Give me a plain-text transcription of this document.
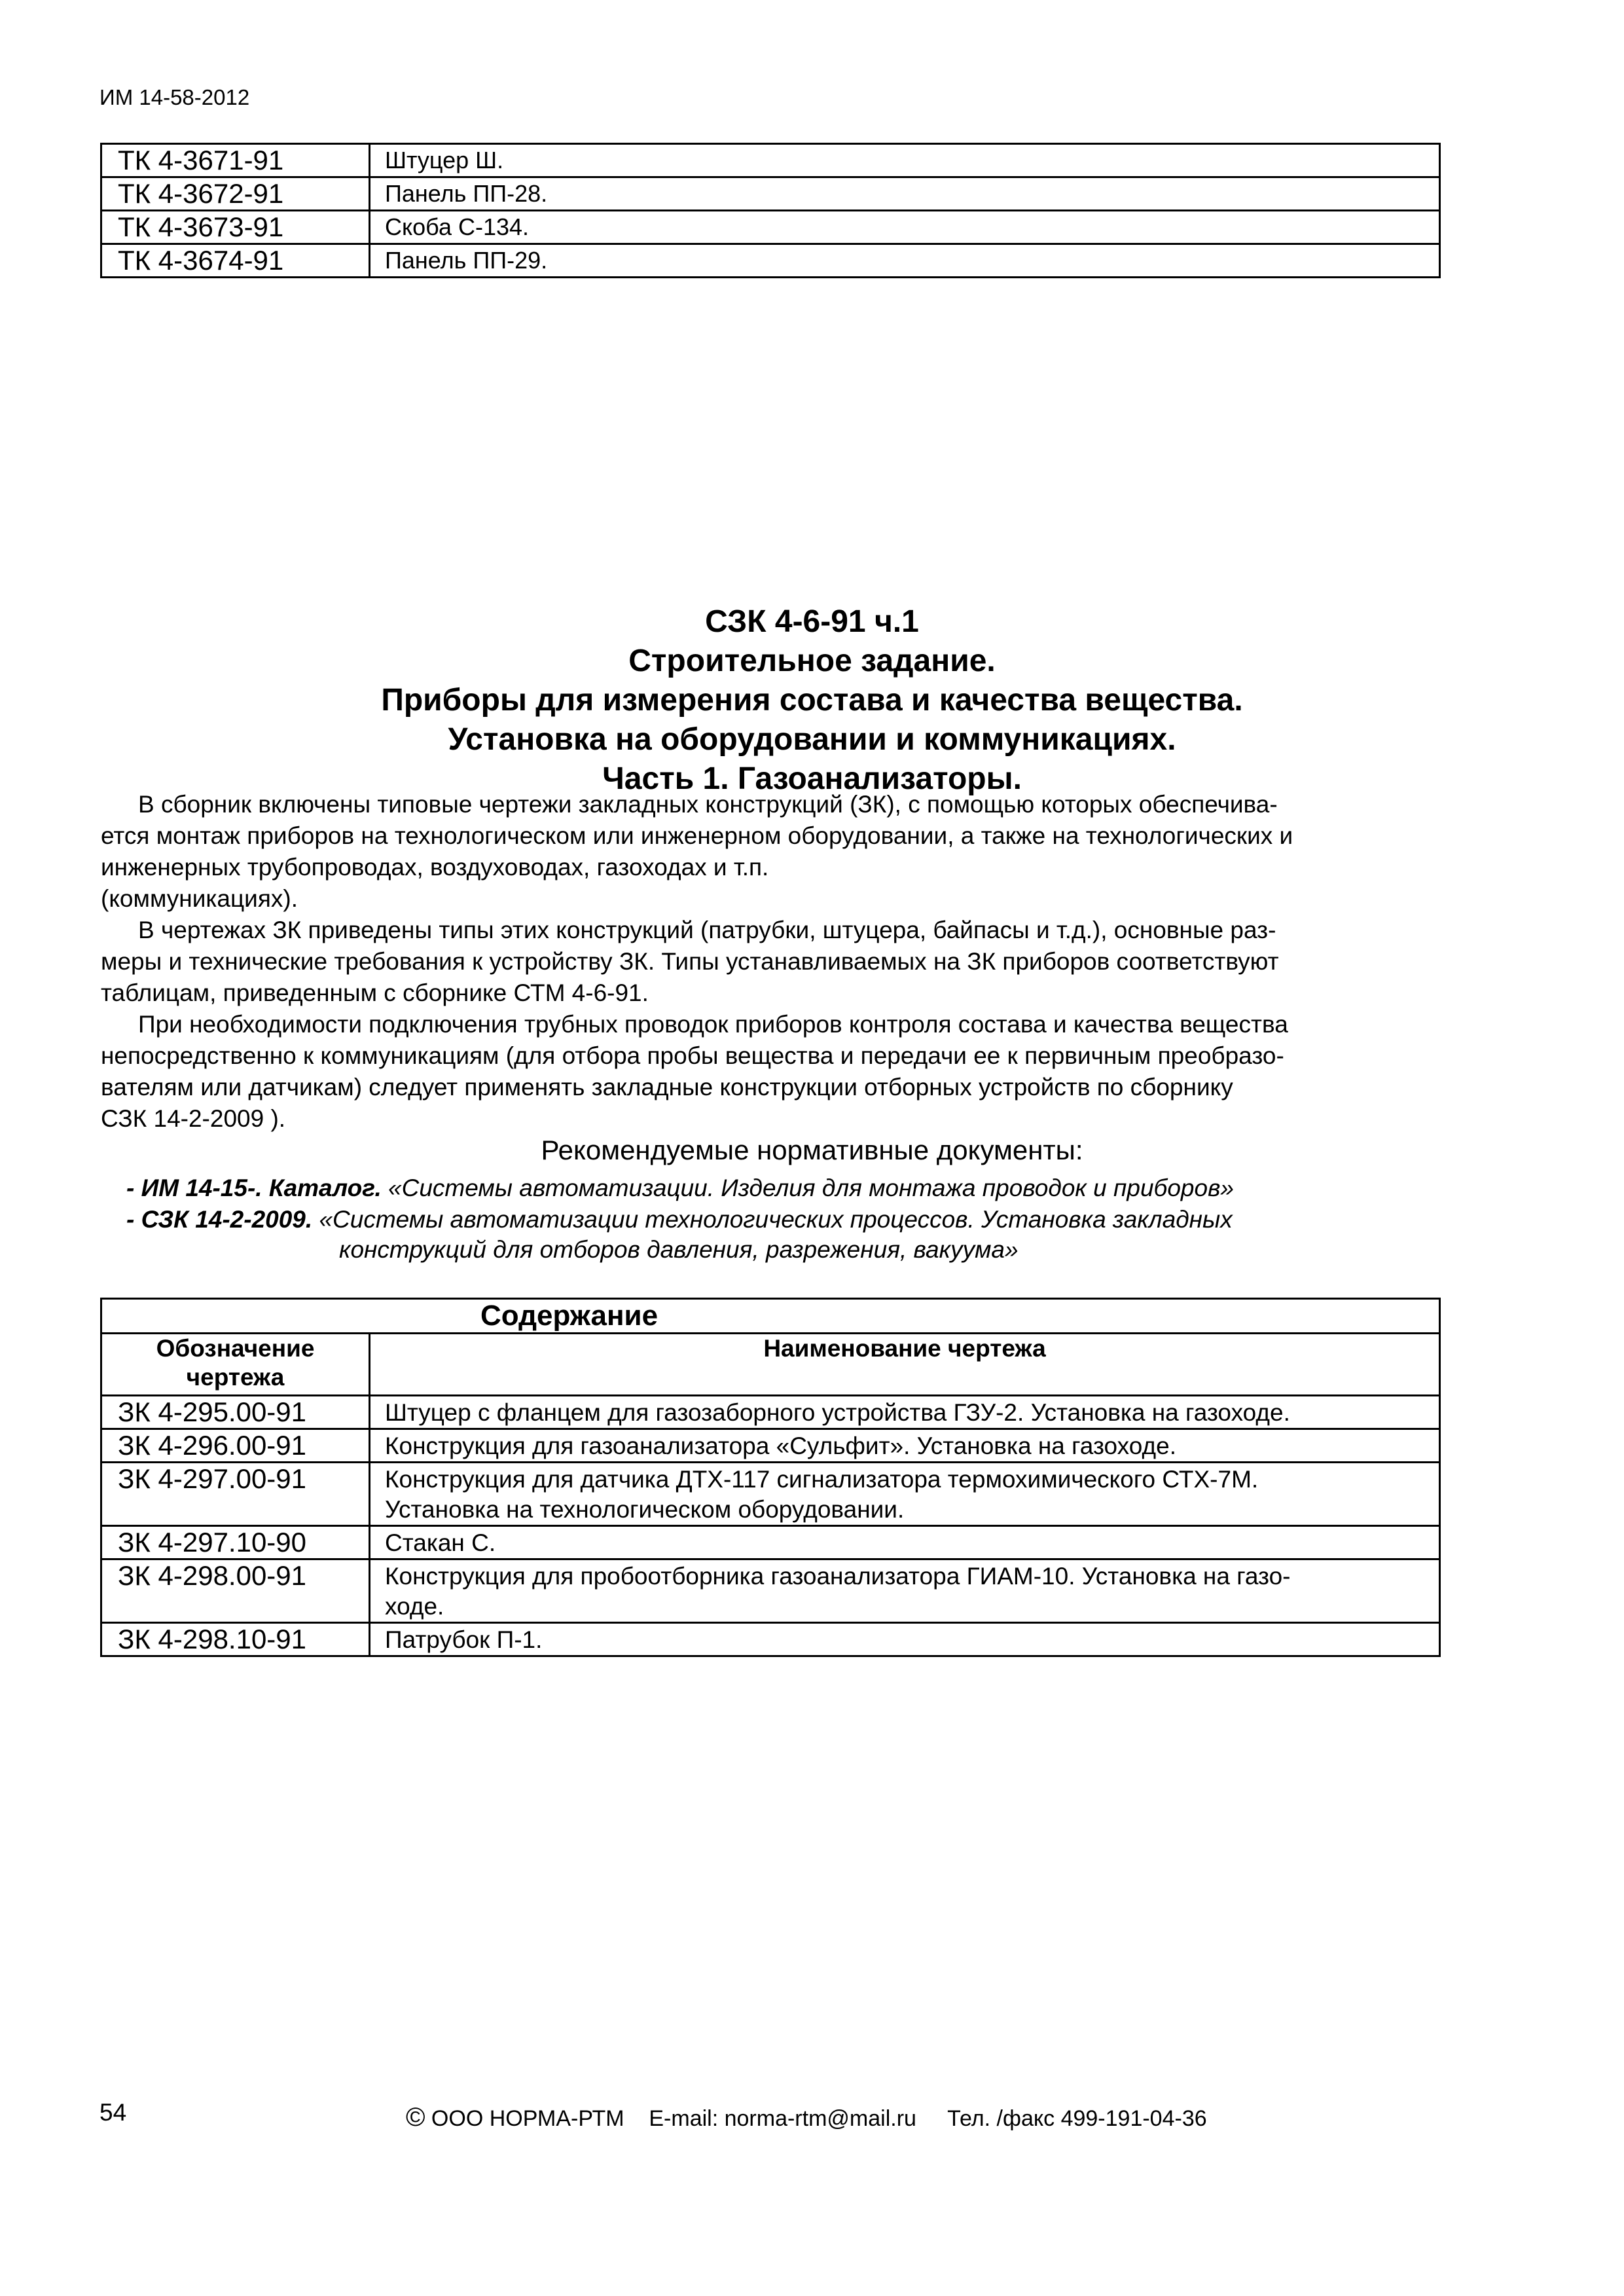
ИМ 14-58-2012
ТК 4-3671-91	Штуцер Ш.
ТК 4-3672-91	Панель ПП-28.
ТК 4-3673-91	Скоба С-134.
ТК 4-3674-91	Панель ПП-29.
СЗК 4-6-91 ч.1
Строительное задание.
Приборы для измерения состава и качества вещества.
Установка на оборудовании и коммуникациях.
Часть 1. Газоанализаторы.

В сборник включены типовые чертежи закладных конструкций (ЗК), с помощью которых обеспечива-

ется монтаж приборов на технологическом или инженерном оборудовании, а также на технологических и

инженерных трубопроводах, воздуховодах, газоходах и т.п.

(коммуникациях).

В чертежах ЗК приведены типы этих конструкций (патрубки, штуцера, байпасы и т.д.), основные раз-

меры и технические требования к устройству ЗК. Типы устанавливаемых на ЗК приборов соответствуют

таблицам, приведенным с сборнике СТМ 4-6-91.

При необходимости подключения трубных проводок приборов контроля состава и качества вещества

непосредственно к коммуникациям (для отбора пробы вещества и передачи ее к первичным преобразо-

вателям или датчикам) следует применять закладные конструкции отборных устройств по сборнику

СЗК 14-2-2009 ).

Рекомендуемые нормативные документы:
- ИМ 14-15-. Каталог. «Системы автоматизации. Изделия для монтажа проводок и приборов»
- СЗК 14-2-2009. «Системы автоматизации технологических процессов. Установка закладных
конструкций для отборов давления, разрежения, вакуума»
Содержание	

Обозначение
чертежа	Наименование чертежа
ЗК 4-295.00-91	Штуцер с фланцем для газозаборного устройства ГЗУ-2. Установка на газоходе.

ЗК 4-296.00-91	Конструкция для газоанализатора «Сульфит». Установка на газоходе.

ЗК 4-297.00-91	Конструкция для датчика ДТХ-117 сигнализатора термохимического СТХ-7М.
Установка на технологическом оборудовании.

ЗК 4-297.10-90	Стакан С.

ЗК 4-298.00-91	Конструкция для пробоотборника газоанализатора ГИАМ-10. Установка на газо-
ходе.

ЗК 4-298.10-91	Патрубок П-1.
54	© ООО НОРМА-РТМ E-mail: norma-rtm@mail.ru Тел. /факс 499-191-04-36
